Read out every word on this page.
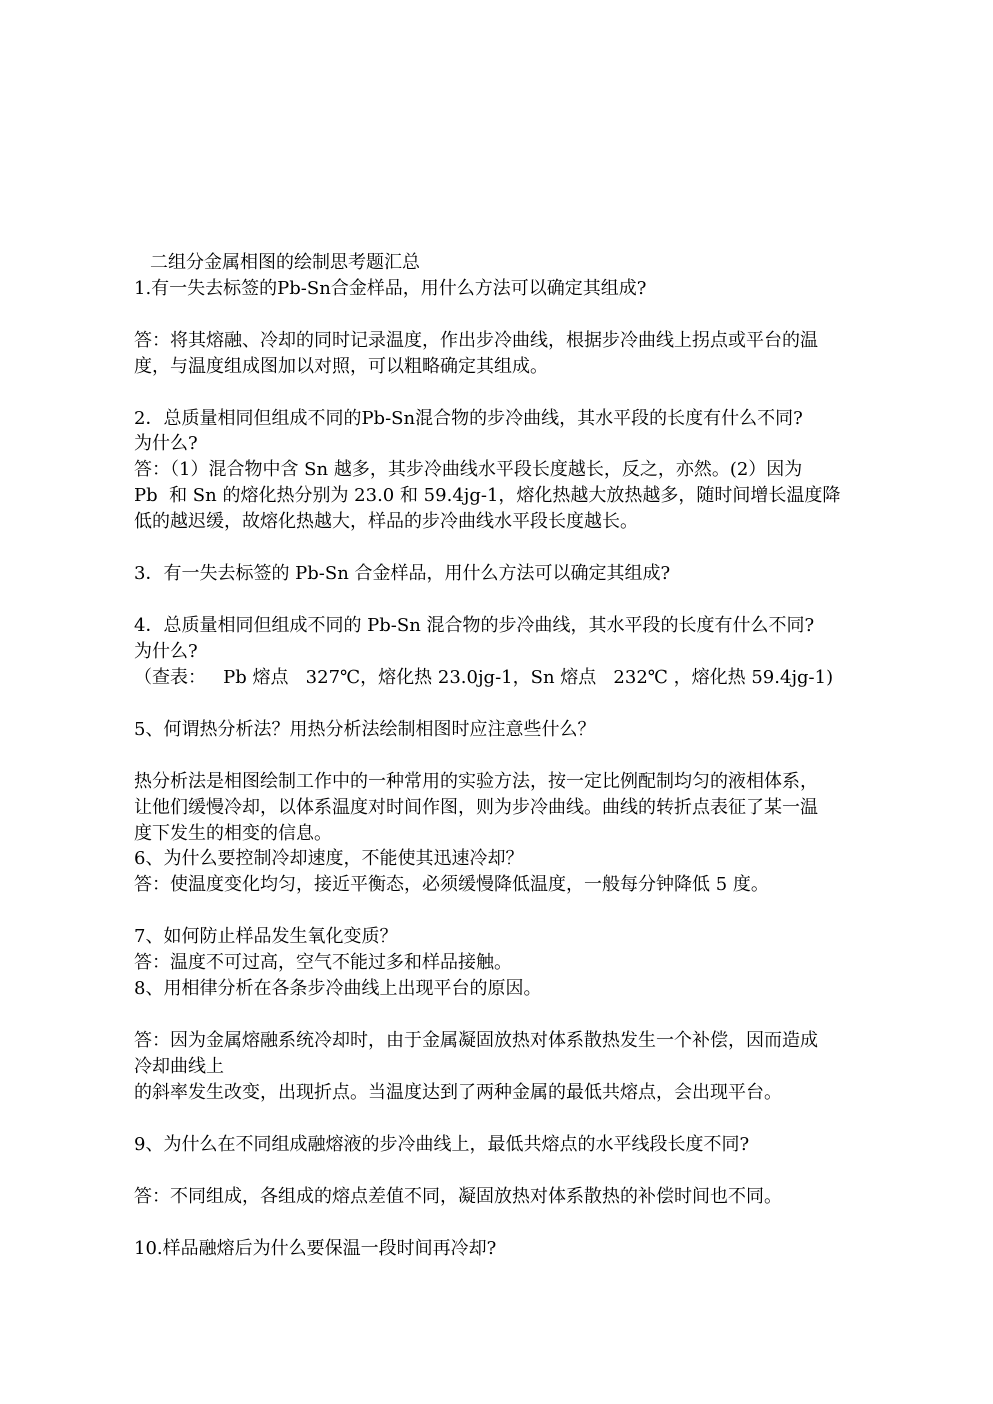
二组分金属相图的绘制思考题汇总
1.有一失去标签的Pb-Sn合金样品，用什么方法可以确定其组成?
答：将其熔融、冷却的同时记录温度，作出步冷曲线，根据步冷曲线上拐点或平台的温
度，与温度组成图加以对照，可以粗略确定其组成。
2．总质量相同但组成不同的Pb-Sn混合物的步冷曲线，其水平段的长度有什么不同?
为什么?
答：（1）混合物中含 Sn 越多，其步冷曲线水平段长度越长，反之，亦然。(2）因为
Pb  和 Sn 的熔化热分别为 23.0 和 59.4jg-1，熔化热越大放热越多，随时间增长温度降
低的越迟缓，故熔化热越大，样品的步冷曲线水平段长度越长。
3．有一失去标签的 Pb-Sn 合金样品，用什么方法可以确定其组成?
4．总质量相同但组成不同的 Pb-Sn 混合物的步冷曲线，其水平段的长度有什么不同?
为什么?
（查表：   Pb 熔点   327℃，熔化热 23.0jg-1，Sn 熔点   232℃ ，熔化热 59.4jg-1)
5、何谓热分析法？用热分析法绘制相图时应注意些什么？
热分析法是相图绘制工作中的一种常用的实验方法，按一定比例配制均匀的液相体系，
让他们缓慢冷却，以体系温度对时间作图，则为步冷曲线。曲线的转折点表征了某一温
度下发生的相变的信息。
6、为什么要控制冷却速度，不能使其迅速冷却？
答：使温度变化均匀，接近平衡态，必须缓慢降低温度，一般每分钟降低 5 度。
7、如何防止样品发生氧化变质？
答：温度不可过高，空气不能过多和样品接触。
8、用相律分析在各条步冷曲线上出现平台的原因。
答：因为金属熔融系统冷却时，由于金属凝固放热对体系散热发生一个补偿，因而造成
冷却曲线上
的斜率发生改变，出现折点。当温度达到了两种金属的最低共熔点，会出现平台。
9、为什么在不同组成融熔液的步冷曲线上，最低共熔点的水平线段长度不同?
答：不同组成，各组成的熔点差值不同，凝固放热对体系散热的补偿时间也不同。
10.样品融熔后为什么要保温一段时间再冷却?
